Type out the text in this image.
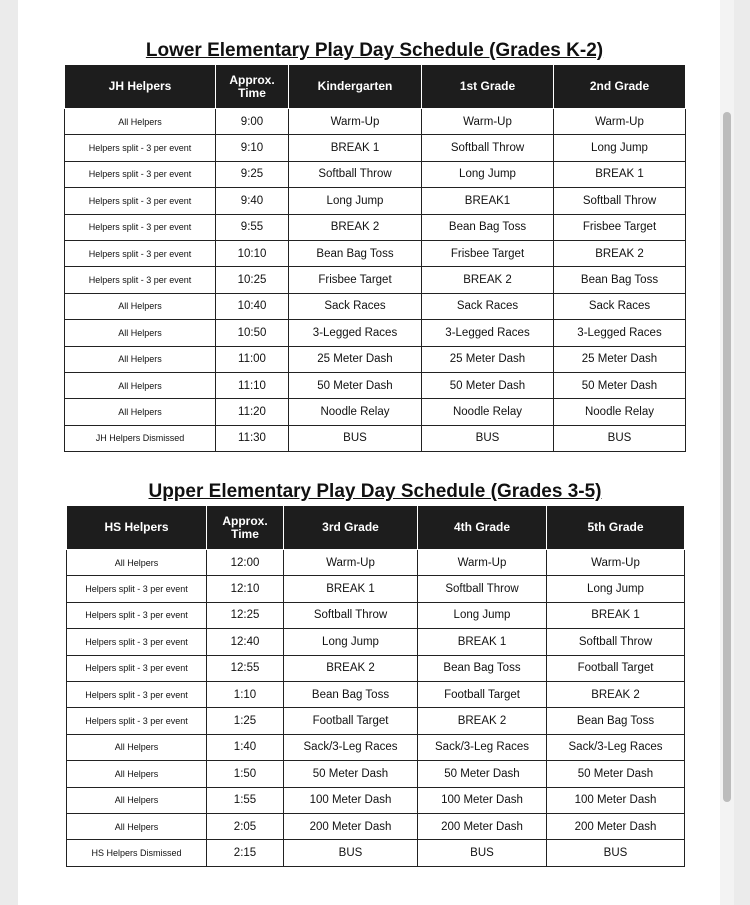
Lower Elementary Play Day Schedule (Grades K-2)
JH Helpers	Approx. Time	Kindergarten	1st Grade	2nd Grade
All Helpers	9:00	Warm-Up	Warm-Up	Warm-Up
Helpers split - 3 per event	9:10	BREAK 1	Softball Throw	Long Jump
Helpers split - 3 per event	9:25	Softball Throw	Long Jump	BREAK 1
Helpers split - 3 per event	9:40	Long Jump	BREAK1	Softball Throw
Helpers split - 3 per event	9:55	BREAK 2	Bean Bag Toss	Frisbee Target
Helpers split - 3 per event	10:10	Bean Bag Toss	Frisbee Target	BREAK 2
Helpers split - 3 per event	10:25	Frisbee Target	BREAK 2	Bean Bag Toss
All Helpers	10:40	Sack Races	Sack Races	Sack Races
All Helpers	10:50	3-Legged Races	3-Legged Races	3-Legged Races
All Helpers	11:00	25 Meter Dash	25 Meter Dash	25 Meter Dash
All Helpers	11:10	50 Meter Dash	50 Meter Dash	50 Meter Dash
All Helpers	11:20	Noodle Relay	Noodle Relay	Noodle Relay
JH Helpers Dismissed	11:30	BUS	BUS	BUS
Upper Elementary Play Day Schedule (Grades 3-5)
HS Helpers	Approx. Time	3rd Grade	4th Grade	5th Grade
All Helpers	12:00	Warm-Up	Warm-Up	Warm-Up
Helpers split - 3 per event	12:10	BREAK 1	Softball Throw	Long Jump
Helpers split - 3 per event	12:25	Softball Throw	Long Jump	BREAK 1
Helpers split - 3 per event	12:40	Long Jump	BREAK 1	Softball Throw
Helpers split - 3 per event	12:55	BREAK 2	Bean Bag Toss	Football Target
Helpers split - 3 per event	1:10	Bean Bag Toss	Football Target	BREAK 2
Helpers split - 3 per event	1:25	Football Target	BREAK 2	Bean Bag Toss
All Helpers	1:40	Sack/3-Leg Races	Sack/3-Leg Races	Sack/3-Leg Races
All Helpers	1:50	50 Meter Dash	50 Meter Dash	50 Meter Dash
All Helpers	1:55	100 Meter Dash	100 Meter Dash	100 Meter Dash
All Helpers	2:05	200 Meter Dash	200 Meter Dash	200 Meter Dash
HS Helpers Dismissed	2:15	BUS	BUS	BUS
